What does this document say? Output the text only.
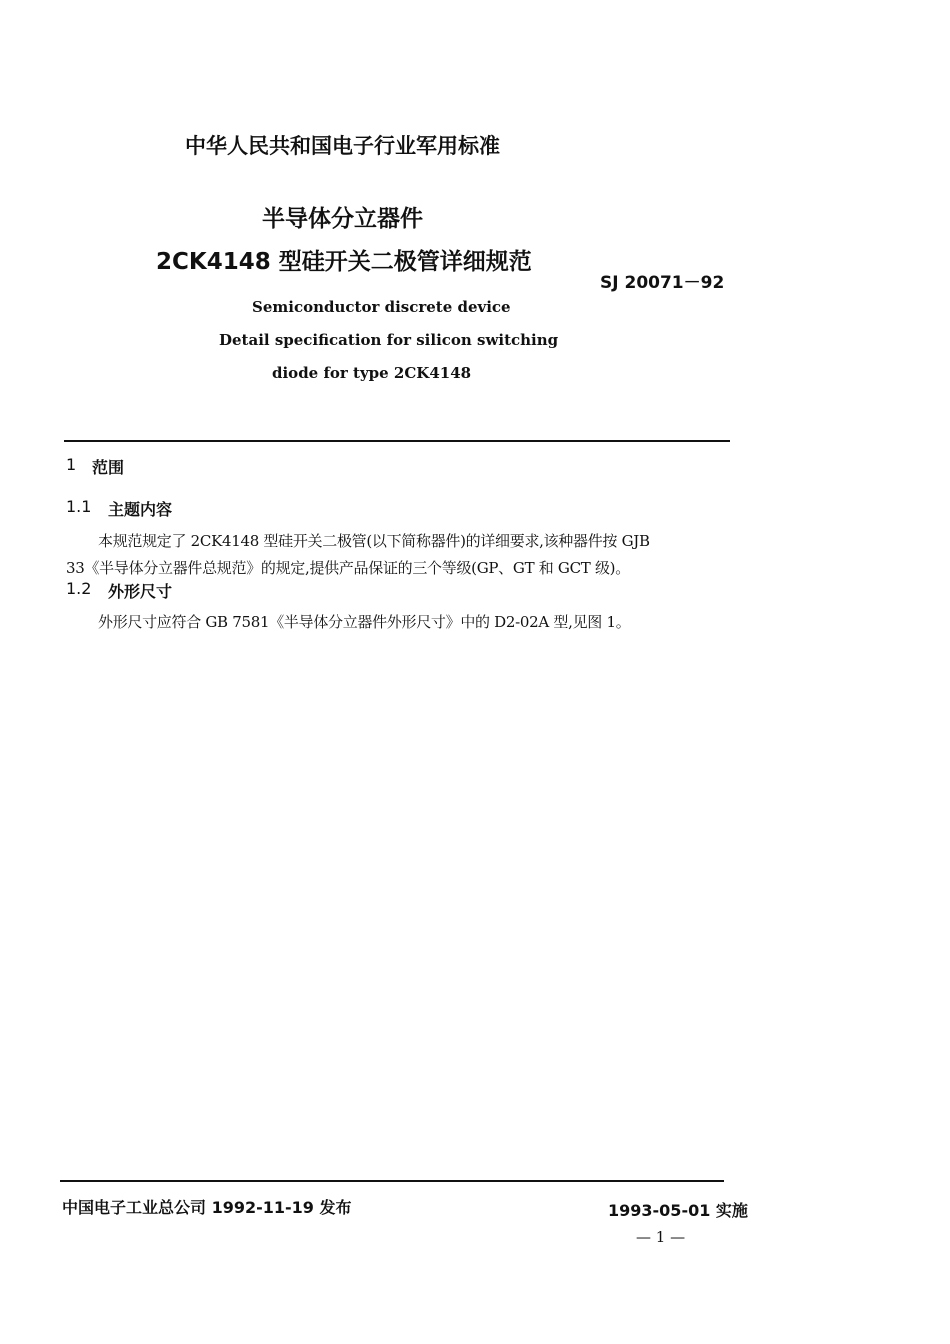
中华人民共和国电子行业军用标准
半导体分立器件
2CK4148 型硅开关二极管详细规范
SJ 20071－92
Semiconductor discrete device
Detail specification for silicon switching
diode for type 2CK4148
1 范围
1.1 主题内容
本规范规定了 2CK4148 型硅开关二极管(以下简称器件)的详细要求,该种器件按 GJB
33《半导体分立器件总规范》的规定,提供产品保证的三个等级(GP、GT 和 GCT 级)。
1.2 外形尺寸
外形尺寸应符合 GB 7581《半导体分立器件外形尺寸》中的 D2-02A 型,见图 1。
中国电子工业总公司 1992-11-19 发布	1993-05-01 实施
— 1 —
